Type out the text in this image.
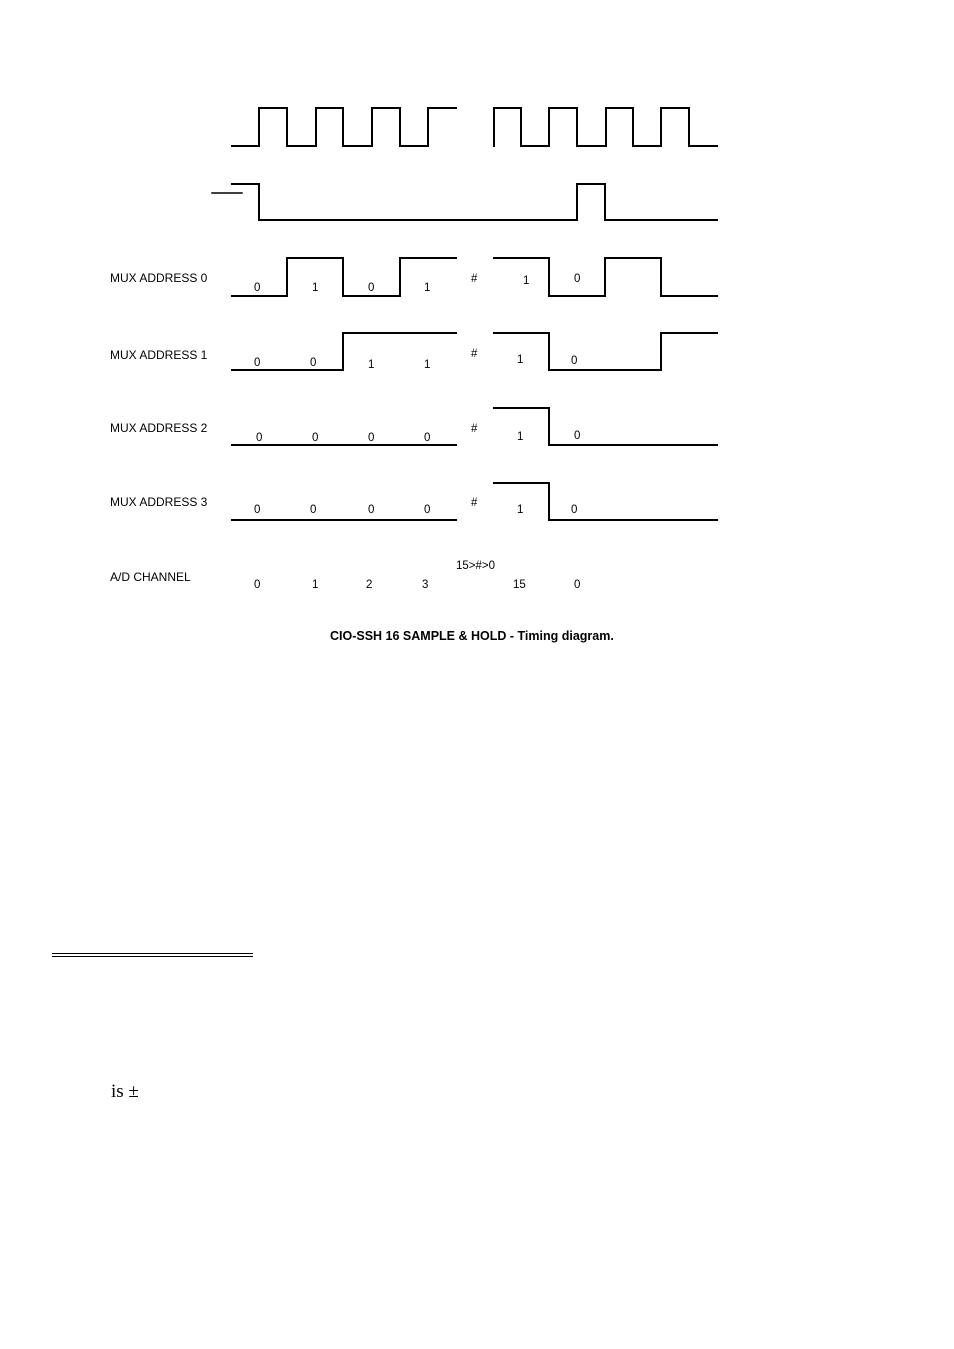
MUX ADDRESS 0
0	1	0	1
#	1	0
MUX ADDRESS 1
0	0	1	1
#	1	0
MUX ADDRESS 2
0	0	0	0
#
1	0
MUX ADDRESS 3
0	0	0	0
#
1	0
A/D CHANNEL
15>#>0
0	1	2	3	15	0
CIO-SSH 16 SAMPLE & HOLD - Timing diagram.
is ±
